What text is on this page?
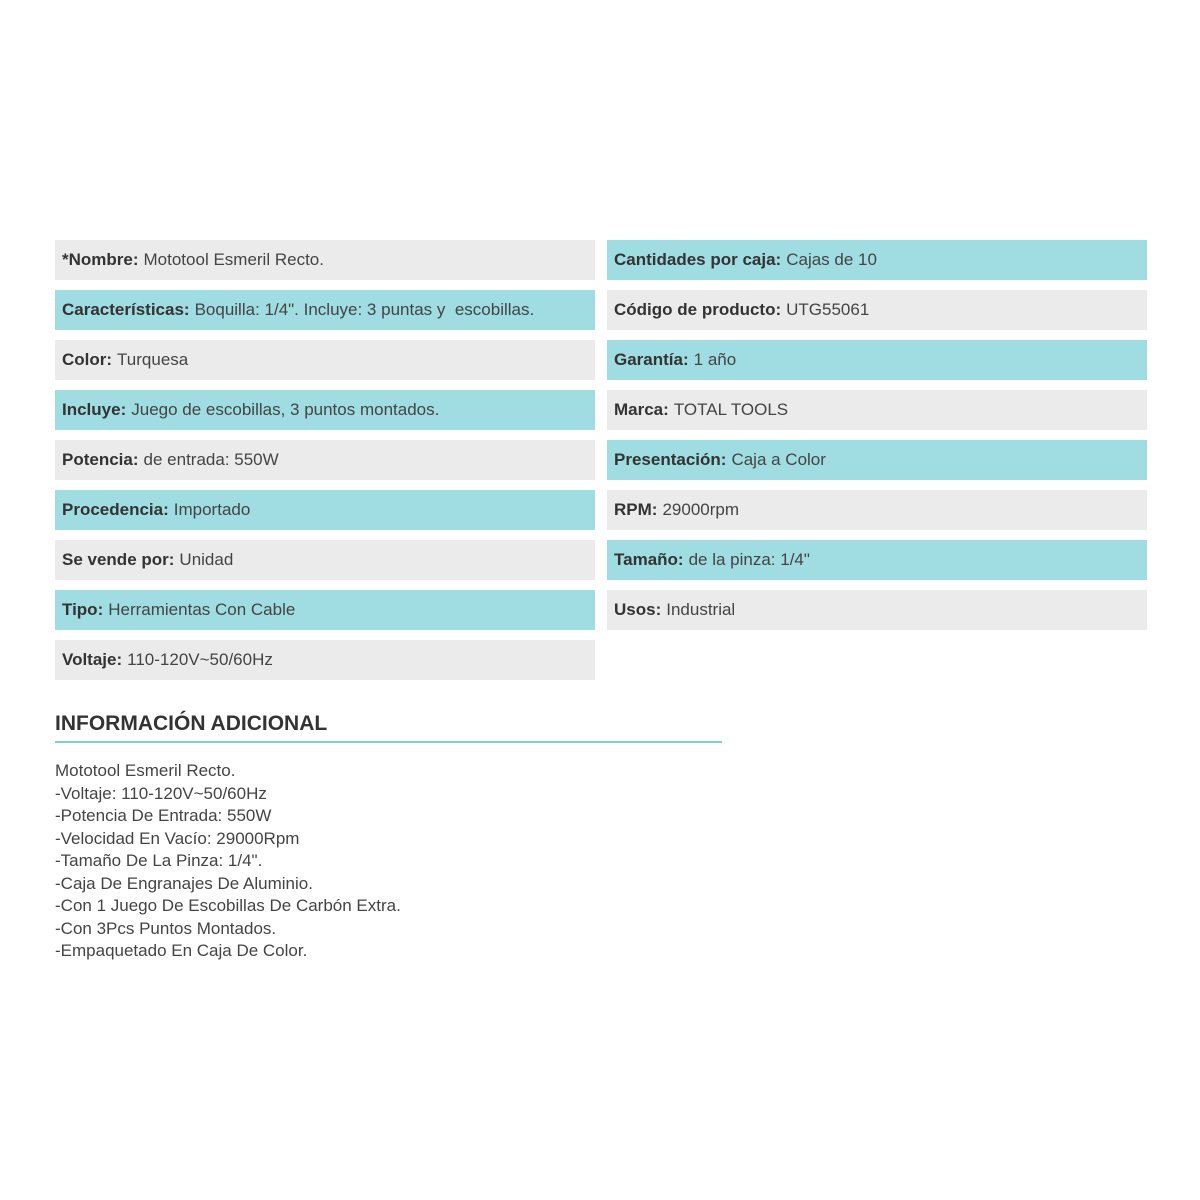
*Nombre: Mototool Esmeril Recto.
Características: Boquilla: 1/4". Incluye: 3 puntas y  escobillas.
Color: Turquesa
Incluye: Juego de escobillas, 3 puntos montados.
Potencia: de entrada: 550W
Procedencia: Importado
Se vende por: Unidad
Tipo: Herramientas Con Cable
Voltaje: 110-120V~50/60Hz
Cantidades por caja: Cajas de 10
Código de producto: UTG55061
Garantía: 1 año
Marca: TOTAL TOOLS
Presentación: Caja a Color
RPM: 29000rpm
Tamaño: de la pinza: 1/4"
Usos: Industrial
INFORMACIÓN ADICIONAL
Mototool Esmeril Recto.
-Voltaje: 110-120V~50/60Hz
-Potencia De Entrada: 550W
-Velocidad En Vacío: 29000Rpm
-Tamaño De La Pinza: 1/4".
-Caja De Engranajes De Aluminio.
-Con 1 Juego De Escobillas De Carbón Extra.
-Con 3Pcs Puntos Montados.
-Empaquetado En Caja De Color.
